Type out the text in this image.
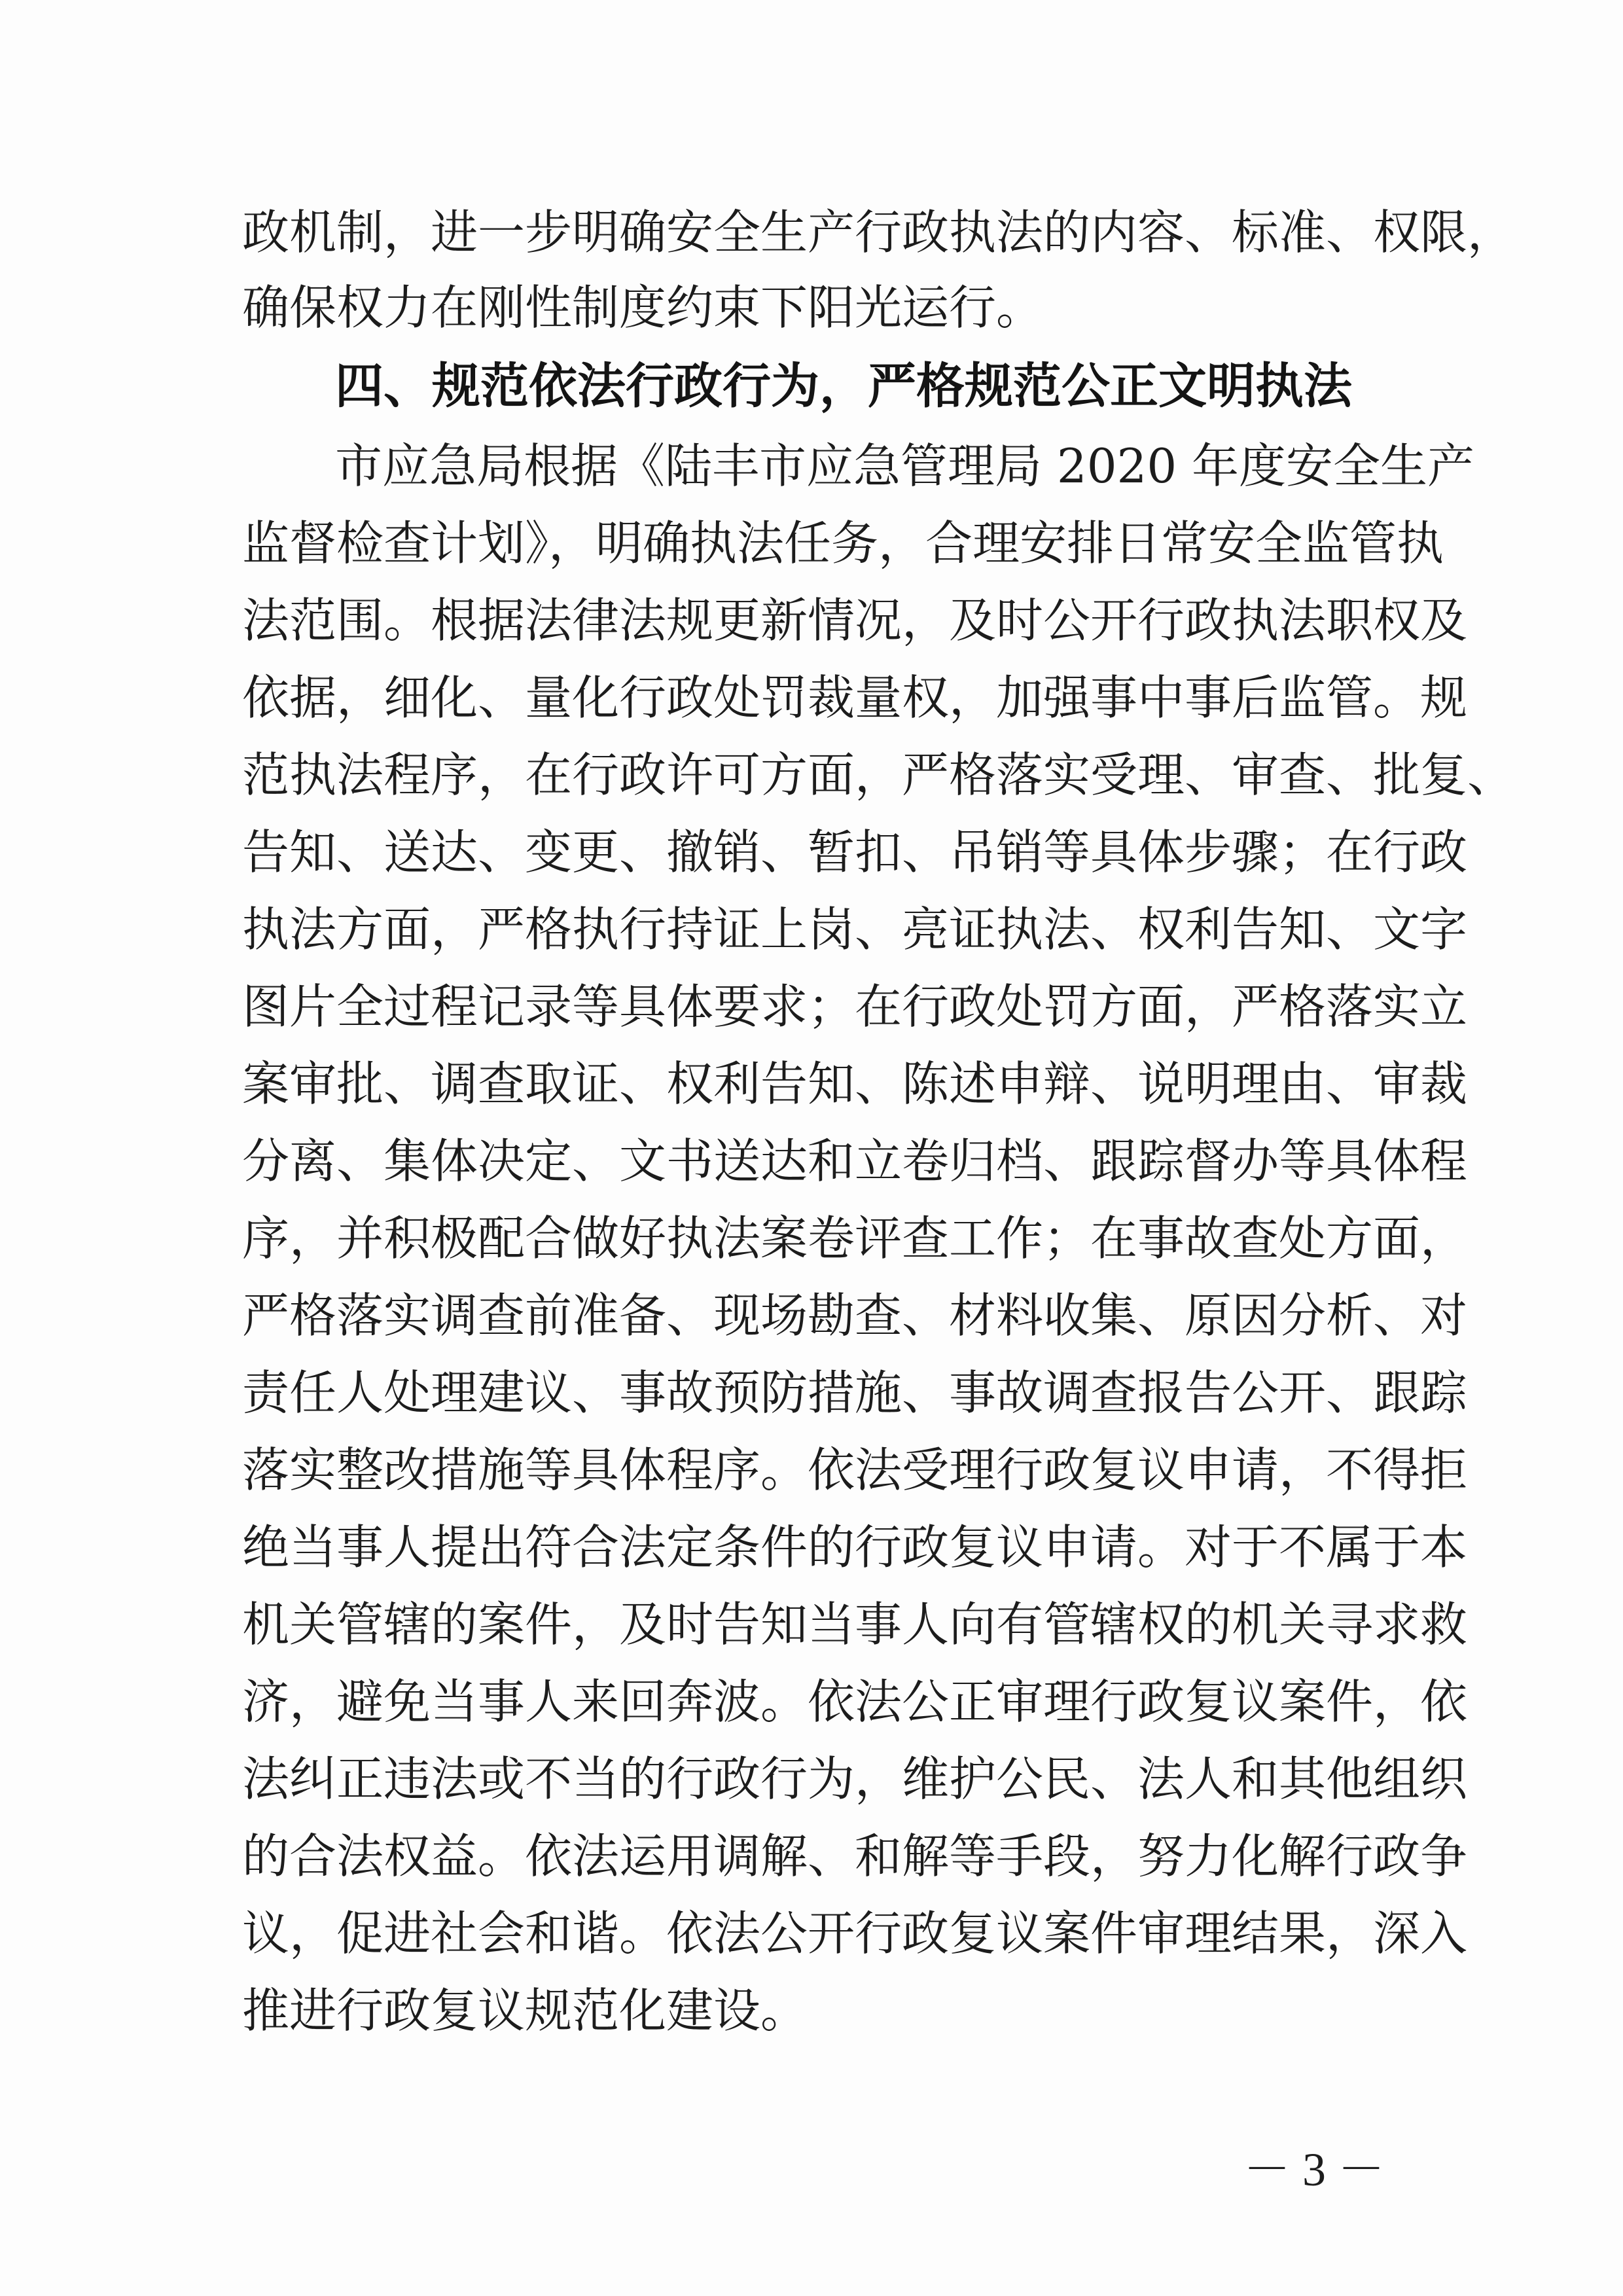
政机制，进一步明确安全生产行政执法的内容、标准、权限，
确保权力在刚性制度约束下阳光运行。
四、规范依法行政行为，严格规范公正文明执法
市应急局根据《陆丰市应急管理局 2020 年度安全生产
监督检查计划》，明确执法任务，合理安排日常安全监管执
法范围。根据法律法规更新情况，及时公开行政执法职权及
依据，细化、量化行政处罚裁量权，加强事中事后监管。规
范执法程序，在行政许可方面，严格落实受理、审查、批复、
告知、送达、变更、撤销、暂扣、吊销等具体步骤；在行政
执法方面，严格执行持证上岗、亮证执法、权利告知、文字
图片全过程记录等具体要求；在行政处罚方面，严格落实立
案审批、调查取证、权利告知、陈述申辩、说明理由、审裁
分离、集体决定、文书送达和立卷归档、跟踪督办等具体程
序，并积极配合做好执法案卷评查工作；在事故查处方面，
严格落实调查前准备、现场勘查、材料收集、原因分析、对
责任人处理建议、事故预防措施、事故调查报告公开、跟踪
落实整改措施等具体程序。依法受理行政复议申请，不得拒
绝当事人提出符合法定条件的行政复议申请。对于不属于本
机关管辖的案件，及时告知当事人向有管辖权的机关寻求救
济，避免当事人来回奔波。依法公正审理行政复议案件，依
法纠正违法或不当的行政行为，维护公民、法人和其他组织
的合法权益。依法运用调解、和解等手段，努力化解行政争
议，促进社会和谐。依法公开行政复议案件审理结果，深入
推进行政复议规范化建设。
－ 3 －
